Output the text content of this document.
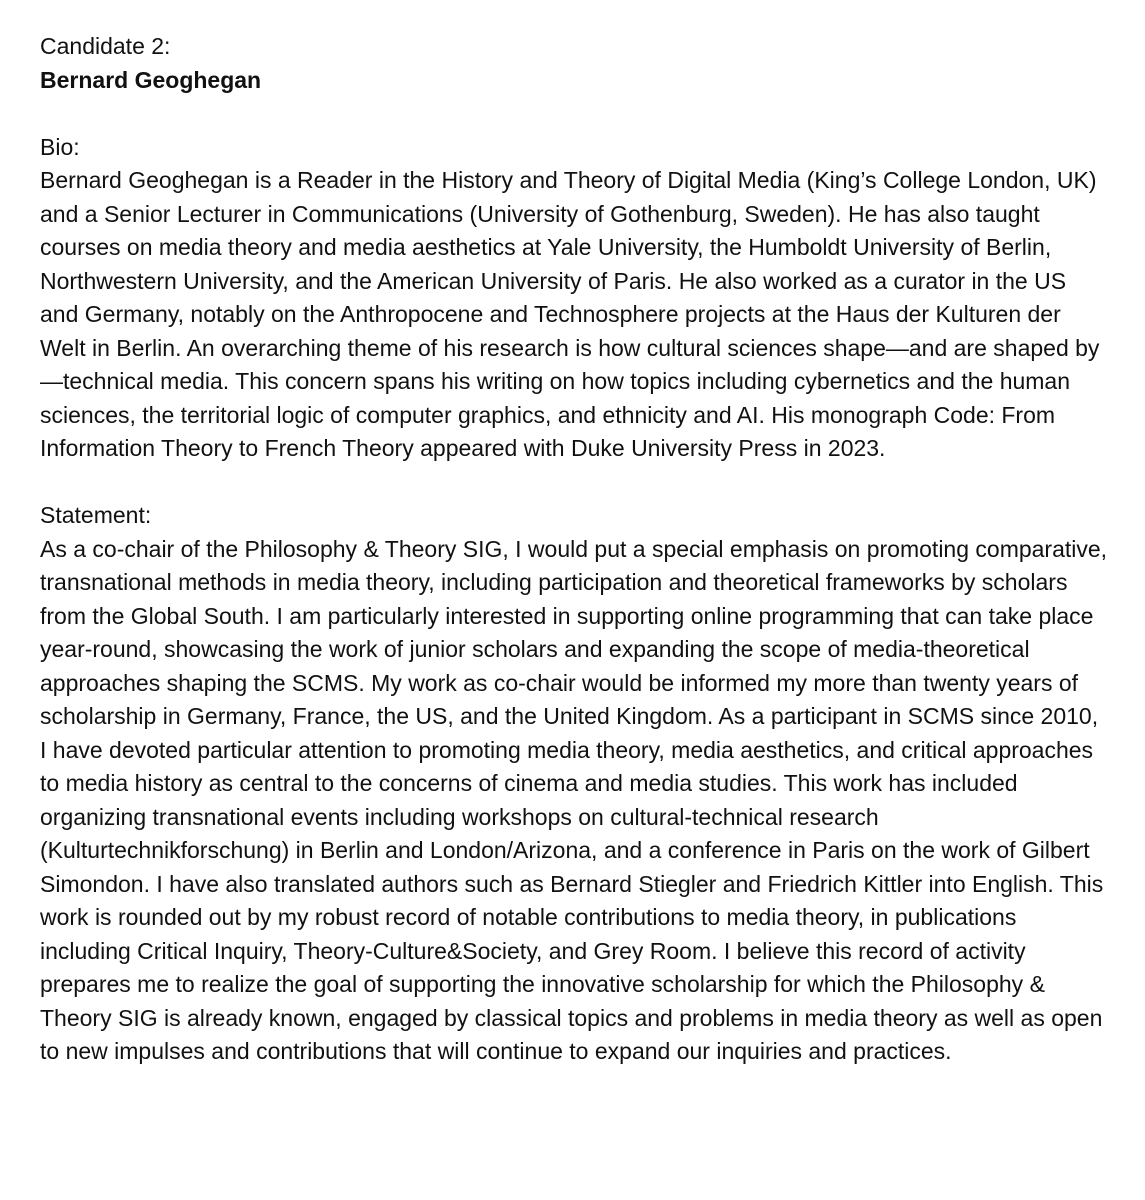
Candidate 2:

Bernard Geoghegan

Bio:

Bernard Geoghegan is a Reader in the History and Theory of Digital Media (King’s College London, UK) and a Senior Lecturer in Communications (University of Gothenburg, Sweden). He has also taught courses on media theory and media aesthetics at Yale University, the Humboldt University of Berlin, Northwestern University, and the American University of Paris. He also worked as a curator in the US and Germany, notably on the Anthropocene and Technosphere projects at the Haus der Kulturen der Welt in Berlin. An overarching theme of his research is how cultural sciences shape—and are shaped by—technical media. This concern spans his writing on how topics including cybernetics and the human sciences, the territorial logic of computer graphics, and ethnicity and AI. His monograph Code: From Information Theory to French Theory appeared with Duke University Press in 2023.

Statement:

As a co-chair of the Philosophy & Theory SIG, I would put a special emphasis on promoting comparative, transnational methods in media theory, including participation and theoretical frameworks by scholars from the Global South. I am particularly interested in supporting online programming that can take place year-round, showcasing the work of junior scholars and expanding the scope of media-theoretical approaches shaping the SCMS. My work as co-chair would be informed my more than twenty years of scholarship in Germany, France, the US, and the United Kingdom. As a participant in SCMS since 2010, I have devoted particular attention to promoting media theory, media aesthetics, and critical approaches to media history as central to the concerns of cinema and media studies. This work has included organizing transnational events including workshops on cultural-technical research (Kulturtechnikforschung) in Berlin and London/Arizona, and a conference in Paris on the work of Gilbert Simondon. I have also translated authors such as Bernard Stiegler and Friedrich Kittler into English. This work is rounded out by my robust record of notable contributions to media theory, in publications including Critical Inquiry, Theory-Culture&Society, and Grey Room. I believe this record of activity prepares me to realize the goal of supporting the innovative scholarship for which the Philosophy & Theory SIG is already known, engaged by classical topics and problems in media theory as well as open to new impulses and contributions that will continue to expand our inquiries and practices.
